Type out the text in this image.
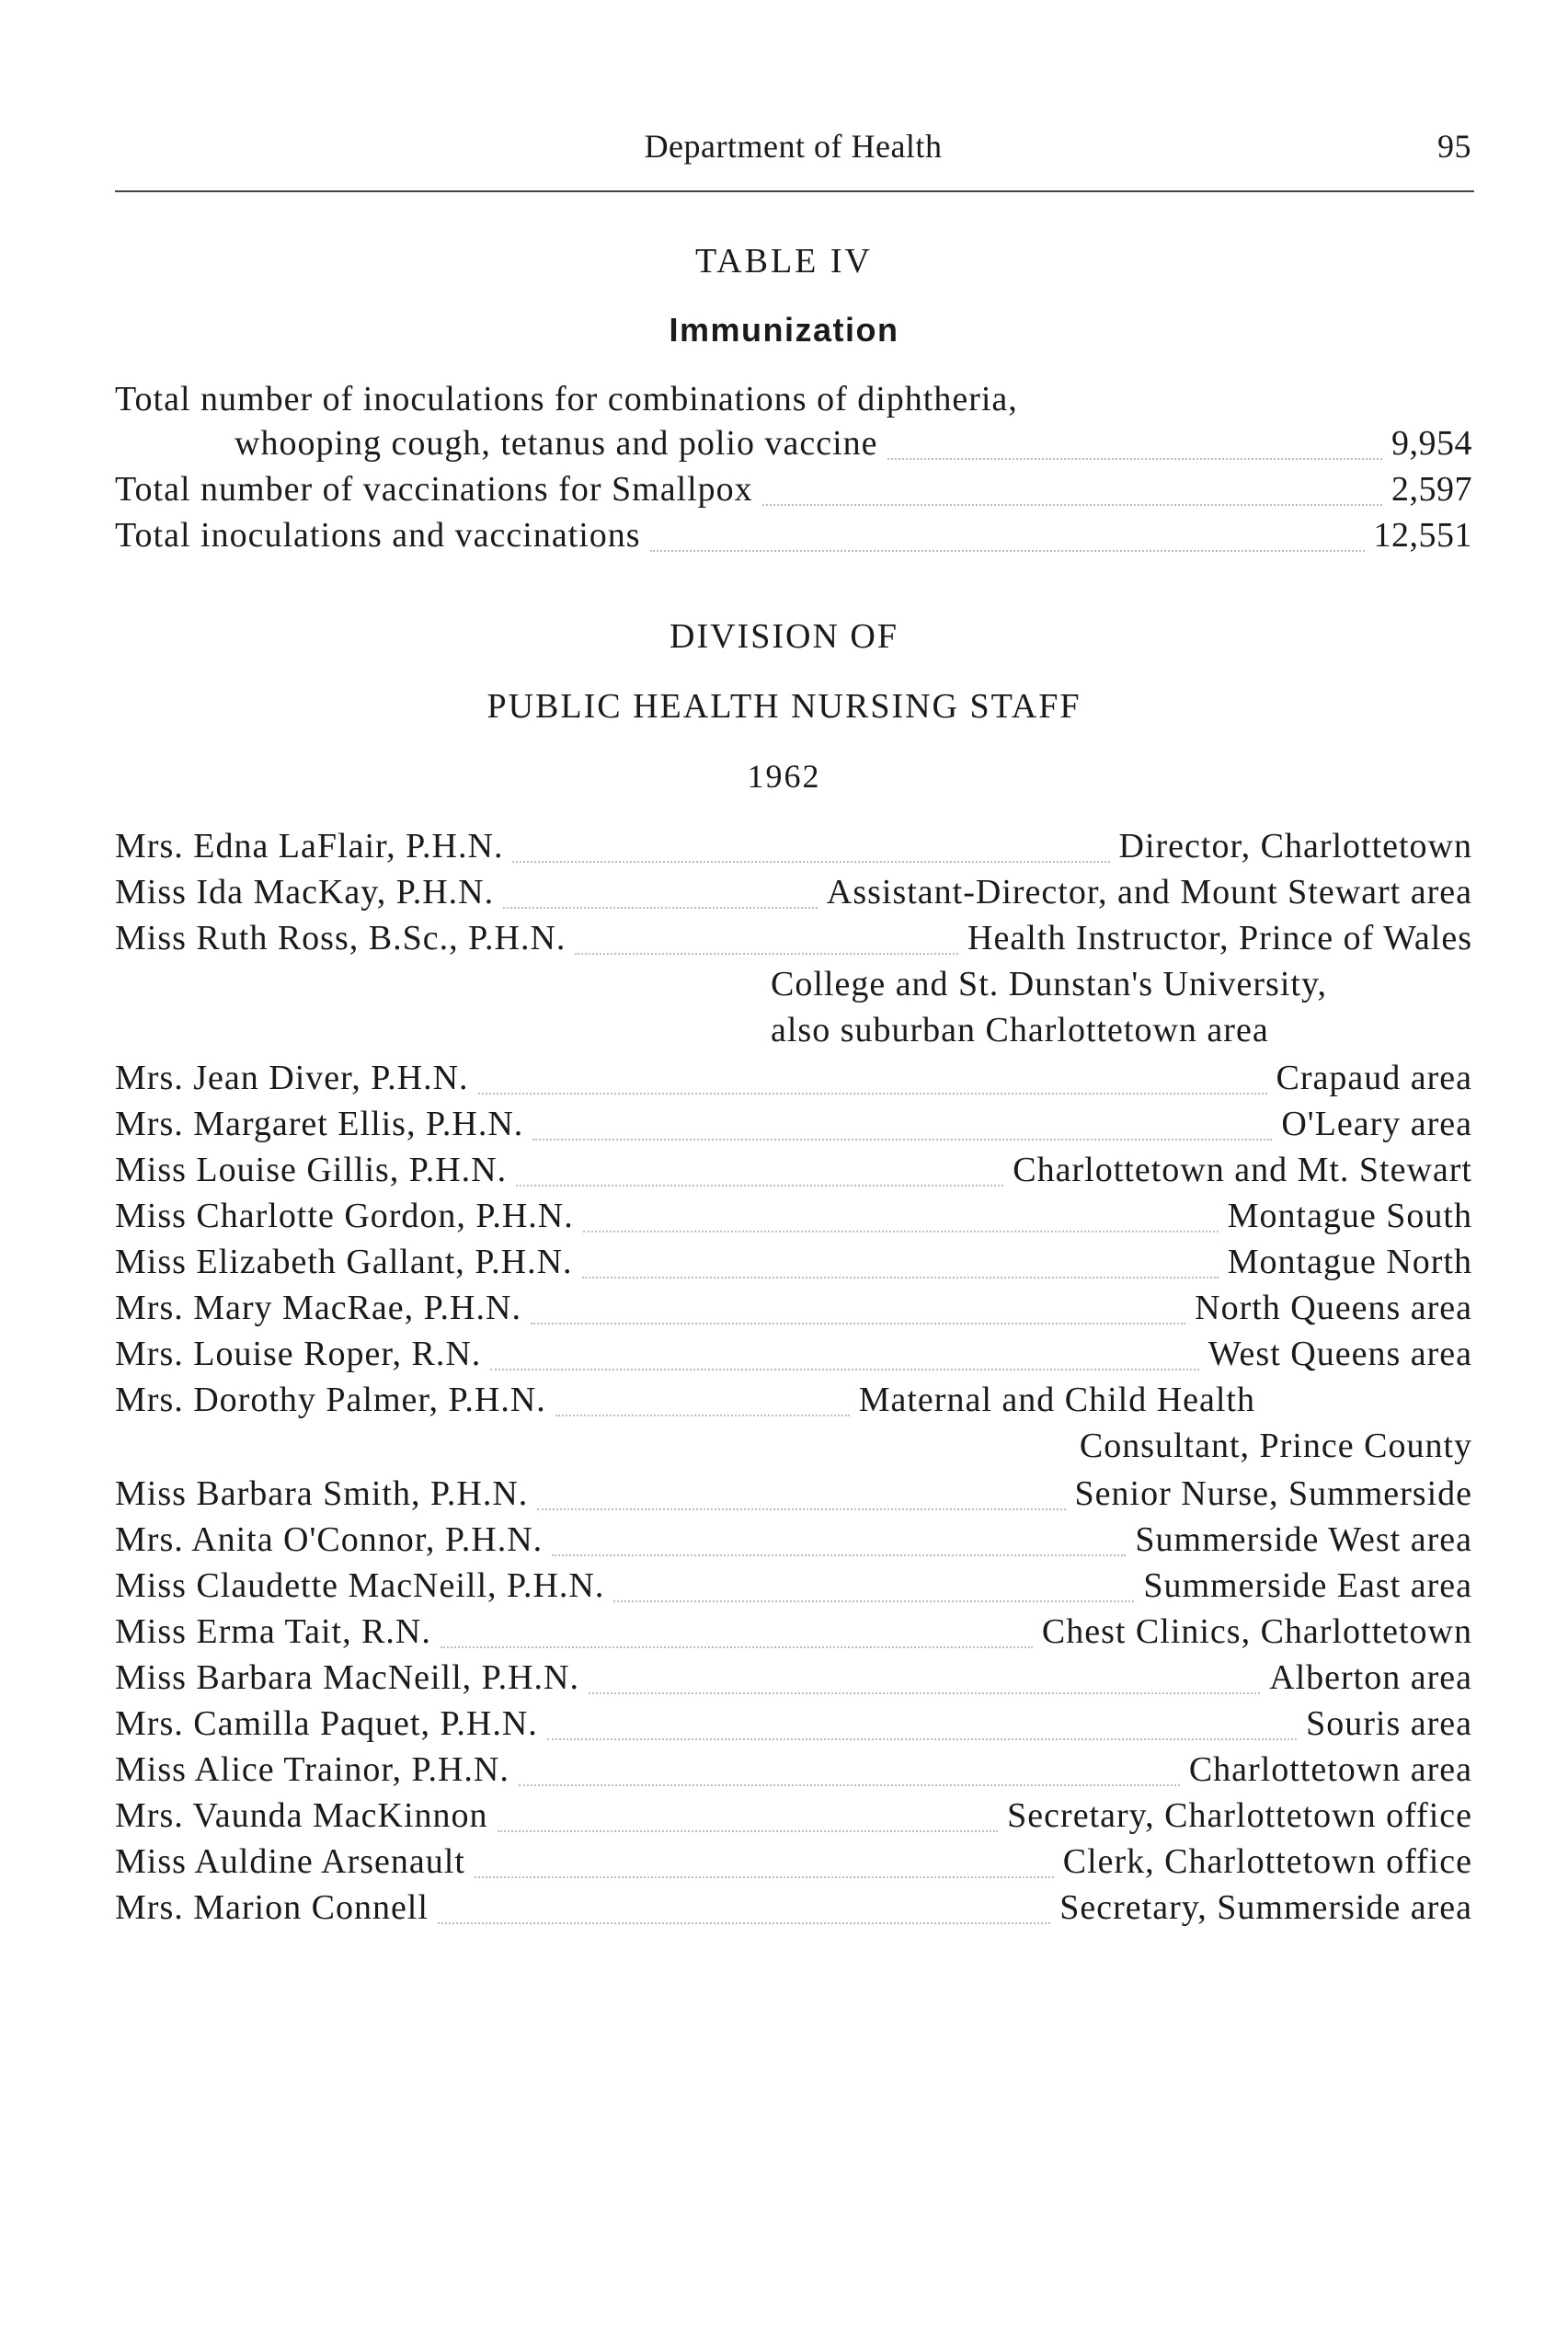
Department of Health	95
TABLE IV
Immunization
Total number of inoculations for combinations of diphtheria,
whooping cough, tetanus and polio vaccine	9,954
Total number of vaccinations for Smallpox	2,597
Total inoculations and vaccinations	12,551
DIVISION OF
PUBLIC HEALTH NURSING STAFF
1962
Mrs. Edna LaFlair, P.H.N.	Director, Charlottetown
Miss Ida MacKay, P.H.N.	Assistant-Director, and Mount Stewart area
Miss Ruth Ross, B.Sc., P.H.N.	Health Instructor, Prince of Wales
College and St. Dunstan's University,
also suburban Charlottetown area
Mrs. Jean Diver, P.H.N.	Crapaud area
Mrs. Margaret Ellis, P.H.N.	O'Leary area
Miss Louise Gillis, P.H.N.	Charlottetown and Mt. Stewart
Miss Charlotte Gordon, P.H.N.	Montague South
Miss Elizabeth Gallant, P.H.N.	Montague North
Mrs. Mary MacRae, P.H.N.	North Queens area
Mrs. Louise Roper, R.N.	West Queens area
Mrs. Dorothy Palmer, P.H.N.	Maternal and Child Health
Consultant, Prince County
Miss Barbara Smith, P.H.N.	Senior Nurse, Summerside
Mrs. Anita O'Connor, P.H.N.	Summerside West area
Miss Claudette MacNeill, P.H.N.	Summerside East area
Miss Erma Tait, R.N.	Chest Clinics, Charlottetown
Miss Barbara MacNeill, P.H.N.	Alberton area
Mrs. Camilla Paquet, P.H.N.	Souris area
Miss Alice Trainor, P.H.N.	Charlottetown area
Mrs. Vaunda MacKinnon	Secretary, Charlottetown office
Miss Auldine Arsenault	Clerk, Charlottetown office
Mrs. Marion Connell	Secretary, Summerside area
